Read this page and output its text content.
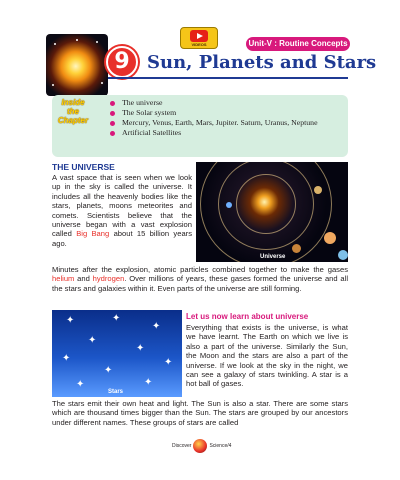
9
VIDEOS	Unit-V : Routine Concepts
Sun, Planets and Stars
Inside the Chapter
The universe
The Solar system
Mercury, Venus, Earth, Mars, Jupiter. Saturn, Uranus, Neptune
Artificial Satellites
THE UNIVERSE

A vast space that is seen when we look up in the sky is called the universe. It includes all the heavenly bodies like the stars, planets, moons meteorites and comets. Scientists believe that the universe began with a vast explosion called Big Bang about 15 billion years ago.

Universe

Minutes after the explosion, atomic particles combined together to make the gases helium and hydrogen. Over millions of years, these gases formed the universe and all the stars and galaxies within it. Even parts of the universe are still forming.

✦	✦
✦
✦
✦
✦	✦
✦
✦	✦
Stars
Let us now learn about universe

Everything that exists is the universe, is what we have learnt. The Earth on which we live is also a part of the universe. Similarly the Sun, the Moon and the stars are also a part of the universe. If we look at the sky in the night, we can see a galaxy of stars twinkling. A star is a hot ball of gases.

The stars emit their own heat and light. The Sun is also a star. There are some stars which are thousand times bigger than the Sun. The stars are grouped by our ancestors under different names. These groups of stars are called

Discover	Science/4
